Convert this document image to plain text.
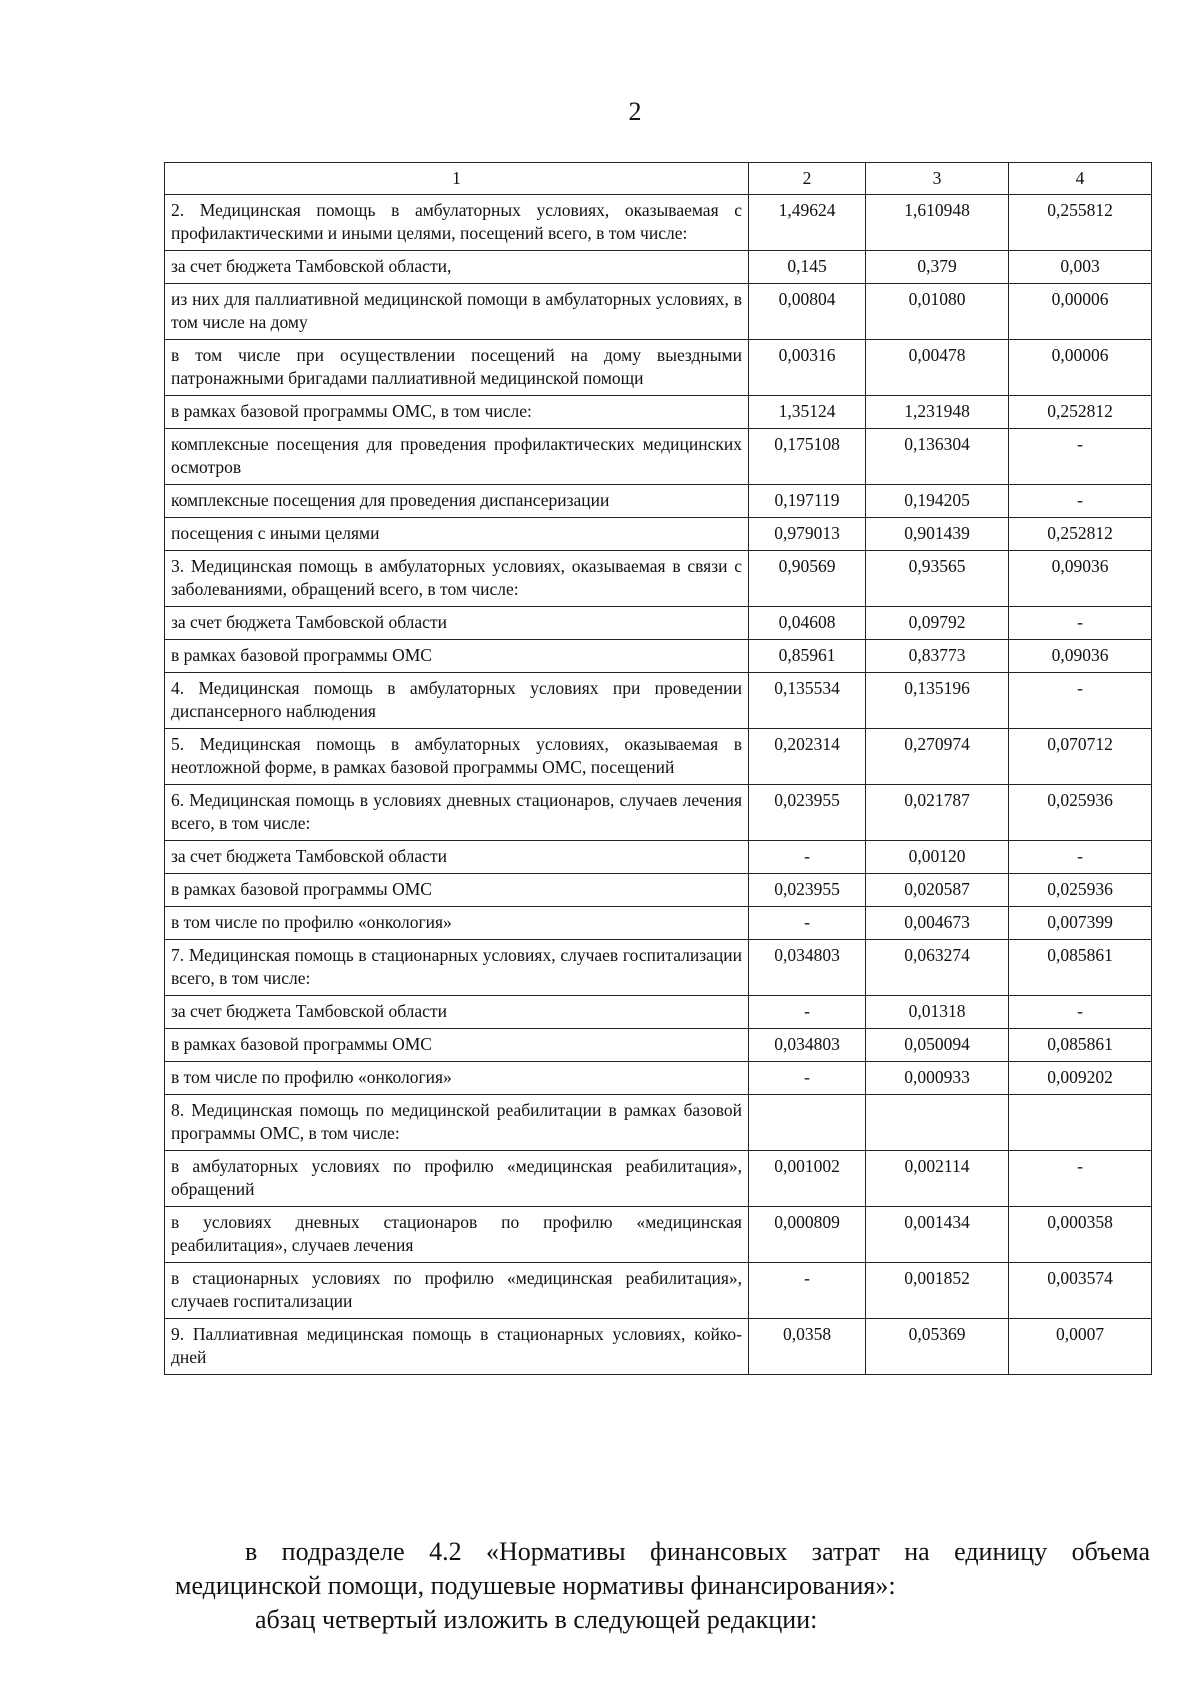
2
1	2	3	4
2. Медицинская помощь в амбулаторных условиях, оказываемая с профилактическими и иными целями, посещений всего, в том числе:	1,49624	1,610948	0,255812
за счет бюджета Тамбовской области,	0,145	0,379	0,003
из них для паллиативной медицинской помощи в амбулаторных условиях, в том числе на дому	0,00804	0,01080	0,00006
в том числе при осуществлении посещений на дому выездными патронажными бригадами паллиативной медицинской помощи	0,00316	0,00478	0,00006
в рамках базовой программы ОМС, в том числе:	1,35124	1,231948	0,252812
комплексные посещения для проведения профилактических медицинских осмотров	0,175108	0,136304	-
комплексные посещения для проведения диспансеризации	0,197119	0,194205	-
посещения с иными целями	0,979013	0,901439	0,252812
3. Медицинская помощь в амбулаторных условиях, оказываемая в связи с заболеваниями, обращений всего, в том числе:	0,90569	0,93565	0,09036
за счет бюджета Тамбовской области	0,04608	0,09792	-
в рамках базовой программы ОМС	0,85961	0,83773	0,09036
4. Медицинская помощь в амбулаторных условиях при проведении диспансерного наблюдения	0,135534	0,135196	-
5. Медицинская помощь в амбулаторных условиях, оказываемая в неотложной форме, в рамках базовой программы ОМС, посещений	0,202314	0,270974	0,070712
6. Медицинская помощь в условиях дневных стационаров, случаев лечения всего, в том числе:	0,023955	0,021787	0,025936
за счет бюджета Тамбовской области	-	0,00120	-
в рамках базовой программы ОМС	0,023955	0,020587	0,025936
в том числе по профилю «онкология»	-	0,004673	0,007399
7. Медицинская помощь в стационарных условиях, случаев госпитализации всего, в том числе:	0,034803	0,063274	0,085861
за счет бюджета Тамбовской области	-	0,01318	-
в рамках базовой программы ОМС	0,034803	0,050094	0,085861
в том числе по профилю «онкология»	-	0,000933	0,009202
8. Медицинская помощь по медицинской реабилитации в рамках базовой программы ОМС, в том числе:			
в амбулаторных условиях по профилю «медицинская реабилитация», обращений	0,001002	0,002114	-
в условиях дневных стационаров по профилю «медицинская реабилитация», случаев лечения	0,000809	0,001434	0,000358
в стационарных условиях по профилю «медицинская реабилитация», случаев госпитализации	-	0,001852	0,003574
9. Паллиативная медицинская помощь в стационарных условиях, койко-дней	0,0358	0,05369	0,0007

в подразделе 4.2 «Нормативы финансовых затрат на единицу объема медицинской помощи, подушевые нормативы финансирования»:

абзац четвертый изложить в следующей редакции:
